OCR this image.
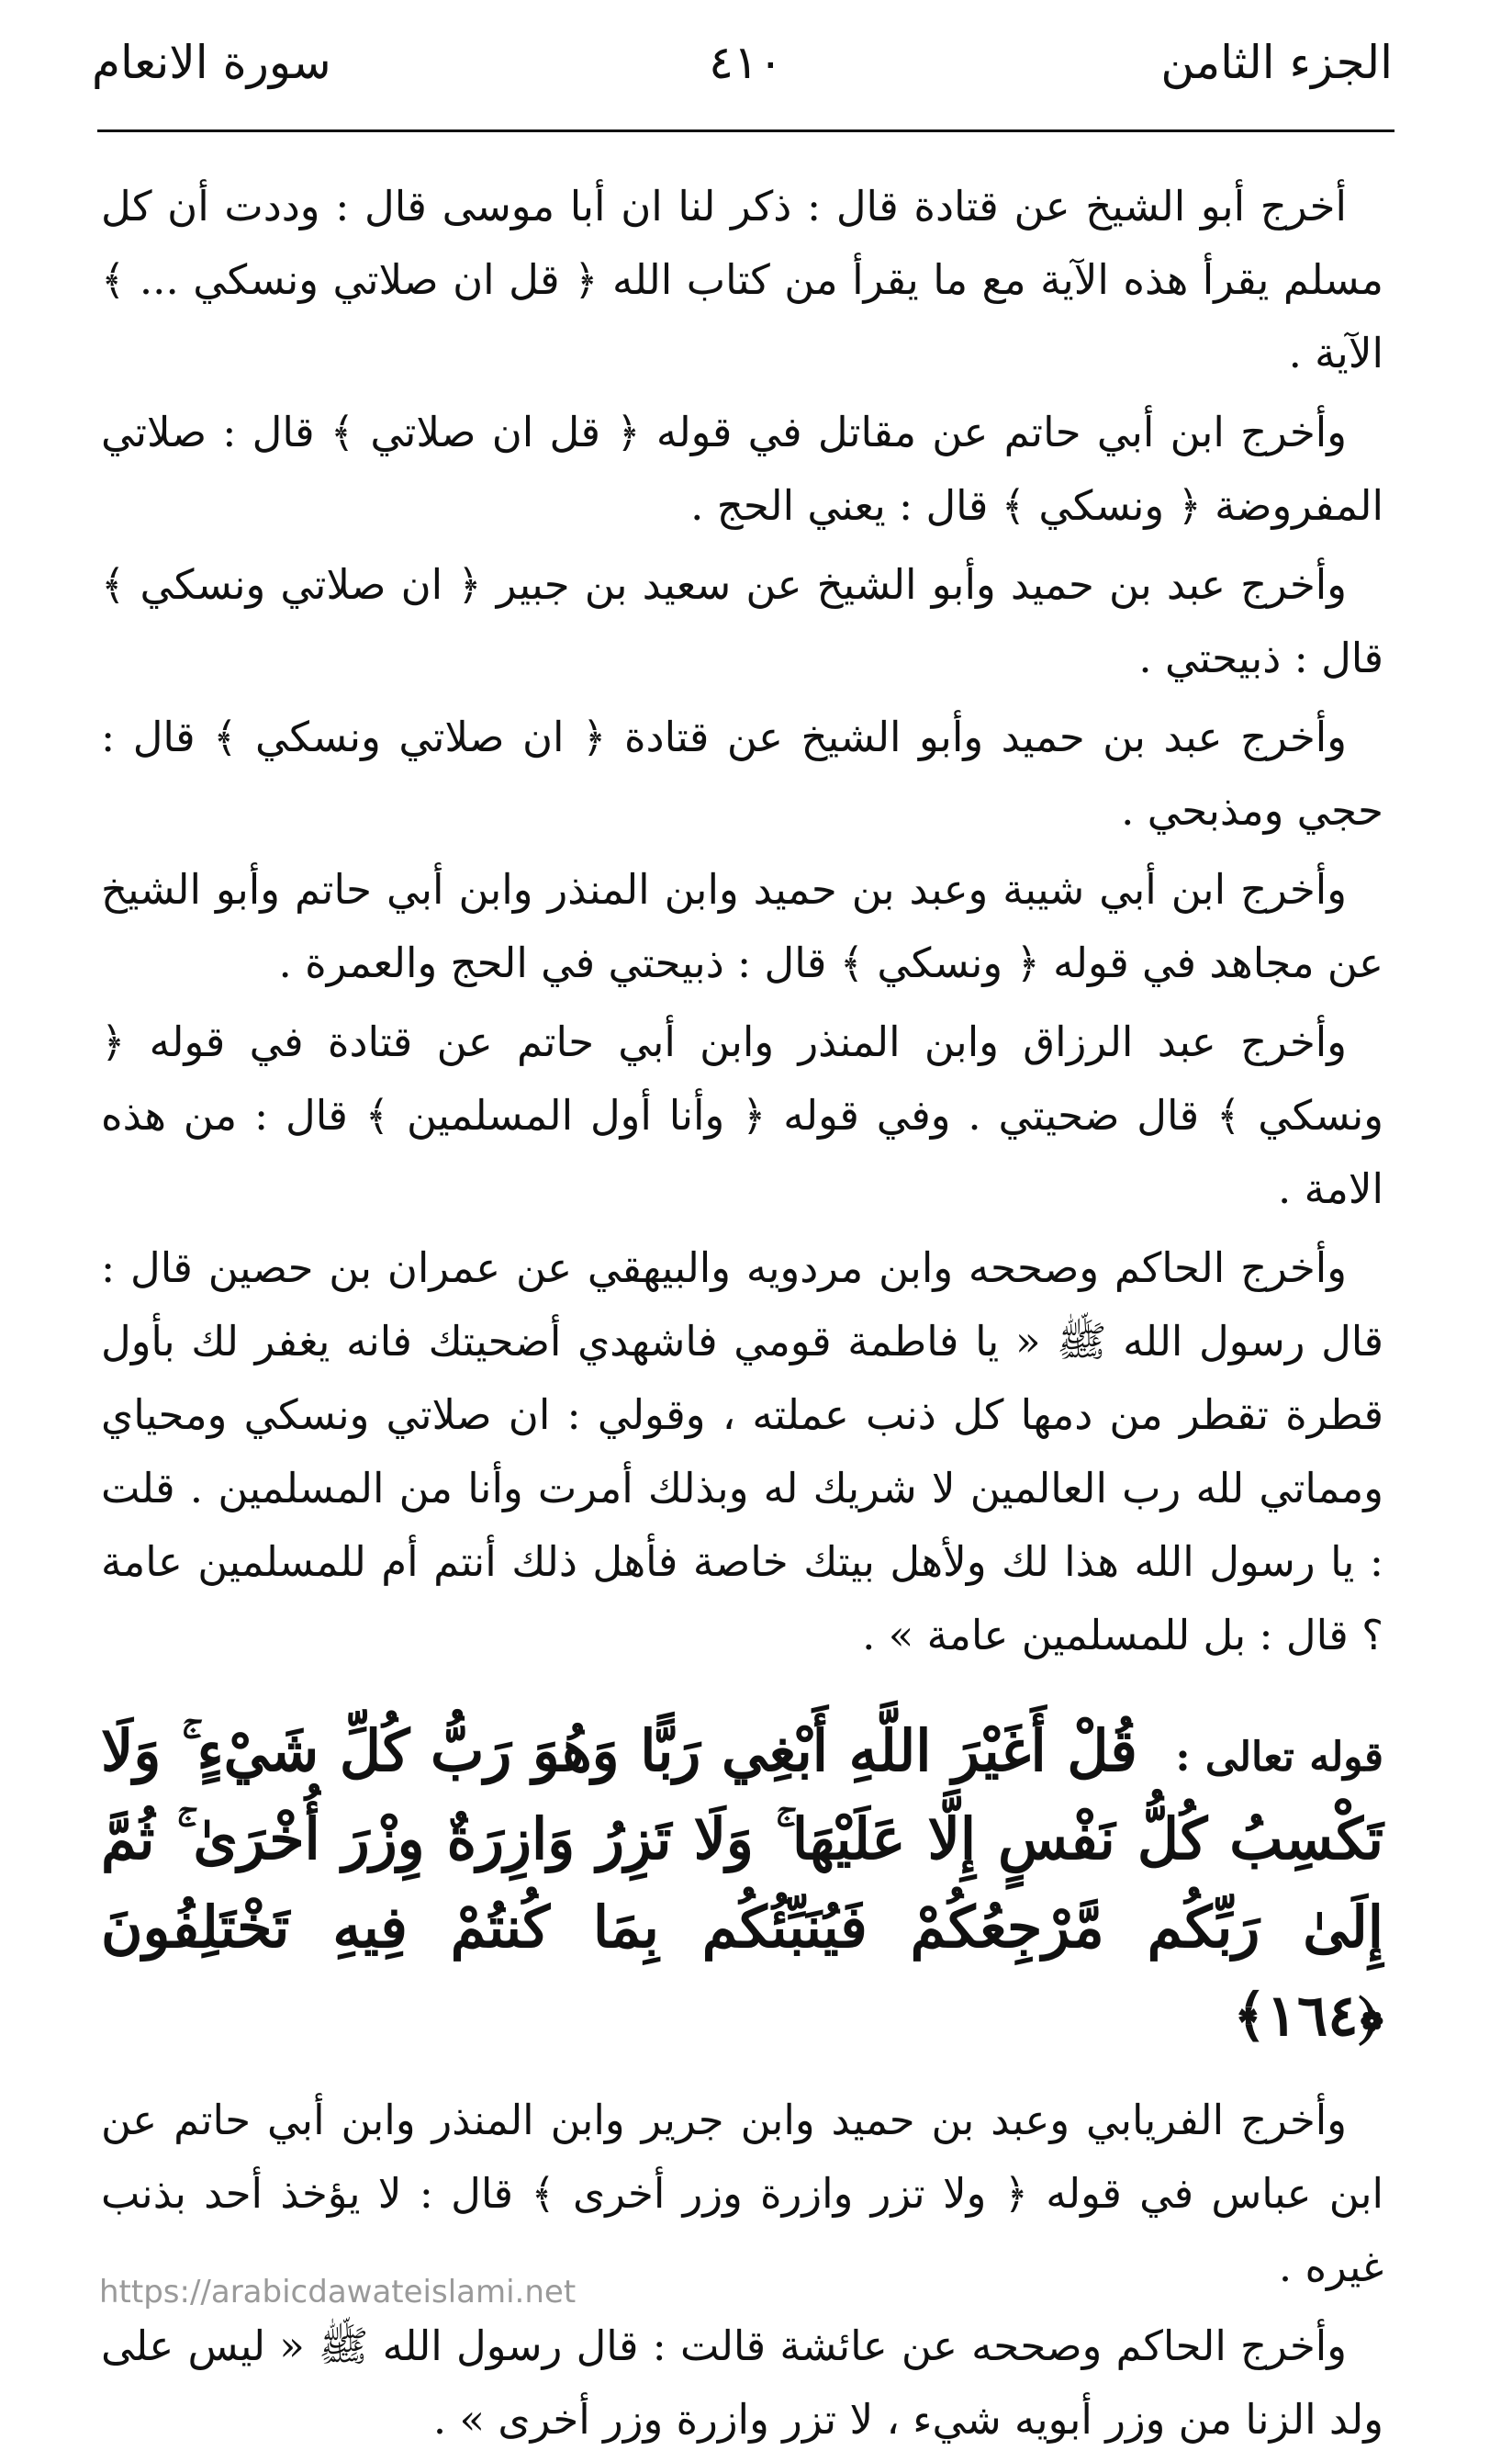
الجزء الثامن
٤١٠
سورة الانعام

أخرج أبو الشيخ عن قتادة قال : ذكر لنا ان أبا موسى قال : وددت أن كل مسلم يقرأ هذه الآية مع ما يقرأ من كتاب الله ﴿ قل ان صلاتي ونسكي ... ﴾ الآية .

وأخرج ابن أبي حاتم عن مقاتل في قوله ﴿ قل ان صلاتي ﴾ قال : صلاتي المفروضة ﴿ ونسكي ﴾ قال : يعني الحج .

وأخرج عبد بن حميد وأبو الشيخ عن سعيد بن جبير ﴿ ان صلاتي ونسكي ﴾ قال : ذبيحتي .

وأخرج عبد بن حميد وأبو الشيخ عن قتادة ﴿ ان صلاتي ونسكي ﴾ قال : حجي ومذبحي .

وأخرج ابن أبي شيبة وعبد بن حميد وابن المنذر وابن أبي حاتم وأبو الشيخ عن مجاهد في قوله ﴿ ونسكي ﴾ قال : ذبيحتي في الحج والعمرة .

وأخرج عبد الرزاق وابن المنذر وابن أبي حاتم عن قتادة في قوله ﴿ ونسكي ﴾ قال ضحيتي . وفي قوله ﴿ وأنا أول المسلمين ﴾ قال : من هذه الامة .

وأخرج الحاكم وصححه وابن مردويه والبيهقي عن عمران بن حصين قال : قال رسول الله ﷺ « يا فاطمة قومي فاشهدي أضحيتك فانه يغفر لك بأول قطرة تقطر من دمها كل ذنب عملته ، وقولي : ان صلاتي ونسكي ومحياي ومماتي لله رب العالمين لا شريك له وبذلك أمرت وأنا من المسلمين . قلت : يا رسول الله هذا لك ولأهل بيتك خاصة فأهل ذلك أنتم أم للمسلمين عامة ؟ قال : بل للمسلمين عامة » .

قوله تعالى : قُلْ أَغَيْرَ اللَّهِ أَبْغِي رَبًّا وَهُوَ رَبُّ كُلِّ شَيْءٍ ۚ وَلَا تَكْسِبُ كُلُّ نَفْسٍ إِلَّا عَلَيْهَا ۚ وَلَا تَزِرُ وَازِرَةٌ وِزْرَ أُخْرَىٰ ۚ ثُمَّ إِلَىٰ رَبِّكُم مَّرْجِعُكُمْ فَيُنَبِّئُكُم بِمَا كُنتُمْ فِيهِ تَخْتَلِفُونَ ﴿١٦٤﴾

وأخرج الفريابي وعبد بن حميد وابن جرير وابن المنذر وابن أبي حاتم عن ابن عباس في قوله ﴿ ولا تزر وازرة وزر أخرى ﴾ قال : لا يؤخذ أحد بذنب غيره .

وأخرج الحاكم وصححه عن عائشة قالت : قال رسول الله ﷺ « ليس على ولد الزنا من وزر أبويه شيء ، لا تزر وازرة وزر أخرى » .

https://arabicdawateislami.net
